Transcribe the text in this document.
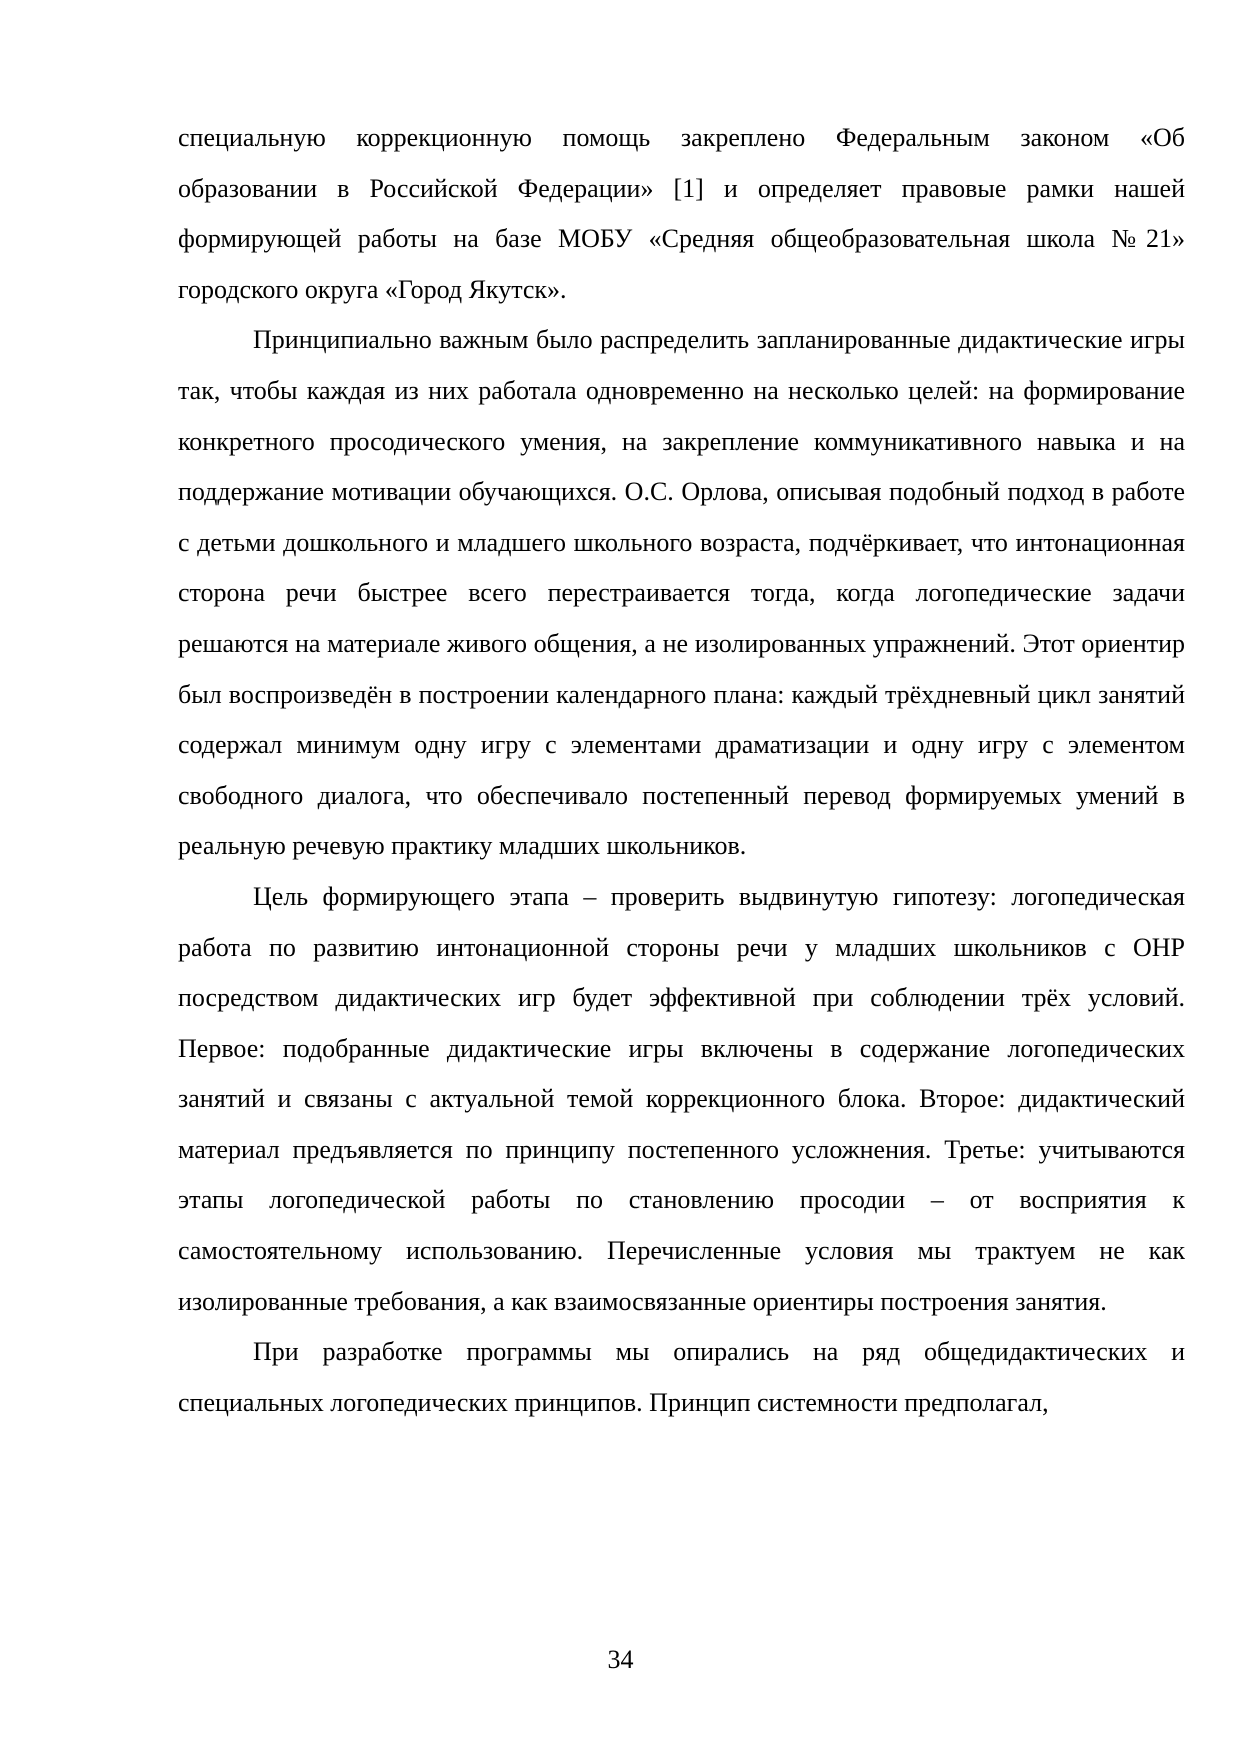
специальную коррекционную помощь закреплено Федеральным законом «Об образовании в Российской Федерации» [1] и определяет правовые рамки нашей формирующей работы на базе МОБУ «Средняя общеобразовательная школа №21» городского округа «Город Якутск».

Принципиально важным было распределить запланированные дидактические игры так, чтобы каждая из них работала одновременно на несколько целей: на формирование конкретного просодического умения, на закрепление коммуникативного навыка и на поддержание мотивации обучающихся. О.С. Орлова, описывая подобный подход в работе с детьми дошкольного и младшего школьного возраста, подчёркивает, что интонационная сторона речи быстрее всего перестраивается тогда, когда логопедические задачи решаются на материале живого общения, а не изолированных упражнений. Этот ориентир был воспроизведён в построении календарного плана: каждый трёхдневный цикл занятий содержал минимум одну игру с элементами драматизации и одну игру с элементом свободного диалога, что обеспечивало постепенный перевод формируемых умений в реальную речевую практику младших школьников.

Цель формирующего этапа – проверить выдвинутую гипотезу: логопедическая работа по развитию интонационной стороны речи у младших школьников с ОНР посредством дидактических игр будет эффективной при соблюдении трёх условий. Первое: подобранные дидактические игры включены в содержание логопедических занятий и связаны с актуальной темой коррекционного блока. Второе: дидактический материал предъявляется по принципу постепенного усложнения. Третье: учитываются этапы логопедической работы по становлению просодии – от восприятия к самостоятельному использованию. Перечисленные условия мы трактуем не как изолированные требования, а как взаимосвязанные ориентиры построения занятия.

При разработке программы мы опирались на ряд общедидактических и специальных логопедических принципов. Принцип системности предполагал,

34
